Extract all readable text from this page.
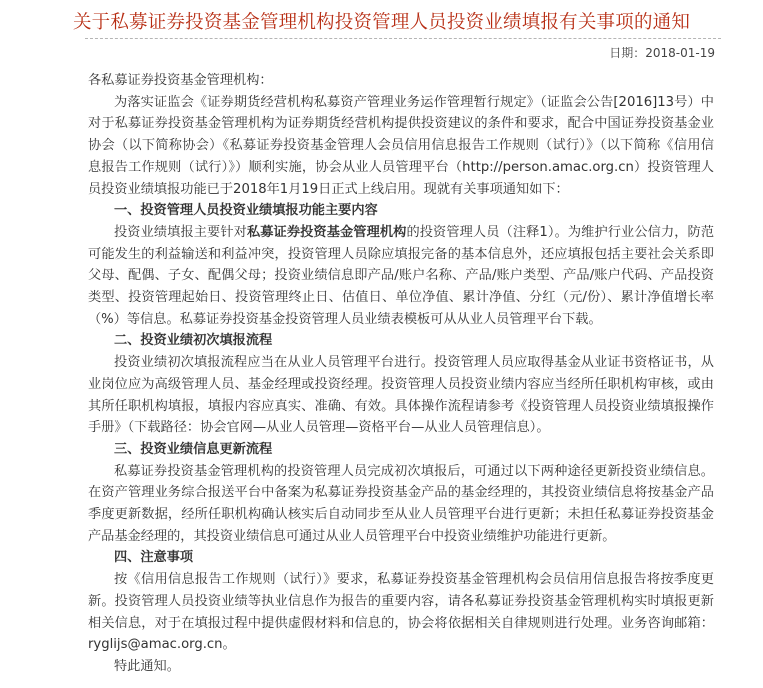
关于私募证券投资基金管理机构投资管理人员投资业绩填报有关事项的通知
日期：2018-01-19

各私募证券投资基金管理机构：

为落实证监会《证券期货经营机构私募资产管理业务运作管理暂行规定》（证监会公告[2016]13号）中对于私募证券投资基金管理机构为证券期货经营机构提供投资建议的条件和要求，配合中国证券投资基金业协会（以下简称协会）《私募证券投资基金管理人会员信用信息报告工作规则（试行）》（以下简称《信用信息报告工作规则（试行）》）顺利实施，协会从业人员管理平台（http://person.amac.org.cn）投资管理人员投资业绩填报功能已于2018年1月19日正式上线启用。现就有关事项通知如下：

一、投资管理人员投资业绩填报功能主要内容

投资业绩填报主要针对私募证券投资基金管理机构的投资管理人员（注释1）。为维护行业公信力，防范可能发生的利益输送和利益冲突，投资管理人员除应填报完备的基本信息外，还应填报包括主要社会关系即父母、配偶、子女、配偶父母；投资业绩信息即产品/账户名称、产品/账户类型、产品/账户代码、产品投资类型、投资管理起始日、投资管理终止日、估值日、单位净值、累计净值、分红（元/份）、累计净值增长率（%）等信息。私募证券投资基金投资管理人员业绩表模板可从从业人员管理平台下载。

二、投资业绩初次填报流程

投资业绩初次填报流程应当在从业人员管理平台进行。投资管理人员应取得基金从业证书资格证书，从业岗位应为高级管理人员、基金经理或投资经理。投资管理人员投资业绩内容应当经所任职机构审核，或由其所任职机构填报，填报内容应真实、准确、有效。具体操作流程请参考《投资管理人员投资业绩填报操作手册》（下载路径：协会官网—从业人员管理—资格平台—从业人员管理信息）。

三、投资业绩信息更新流程

私募证券投资基金管理机构的投资管理人员完成初次填报后，可通过以下两种途径更新投资业绩信息。在资产管理业务综合报送平台中备案为私募证券投资基金产品的基金经理的，其投资业绩信息将按基金产品季度更新数据，经所任职机构确认核实后自动同步至从业人员管理平台进行更新；未担任私募证券投资基金产品基金经理的，其投资业绩信息可通过从业人员管理平台中投资业绩维护功能进行更新。

四、注意事项

按《信用信息报告工作规则（试行）》要求，私募证券投资基金管理机构会员信用信息报告将按季度更新。投资管理人员投资业绩等执业信息作为报告的重要内容，请各私募证券投资基金管理机构实时填报更新相关信息，对于在填报过程中提供虚假材料和信息的，协会将依据相关自律规则进行处理。业务咨询邮箱：ryglijs@amac.org.cn。

特此通知。
